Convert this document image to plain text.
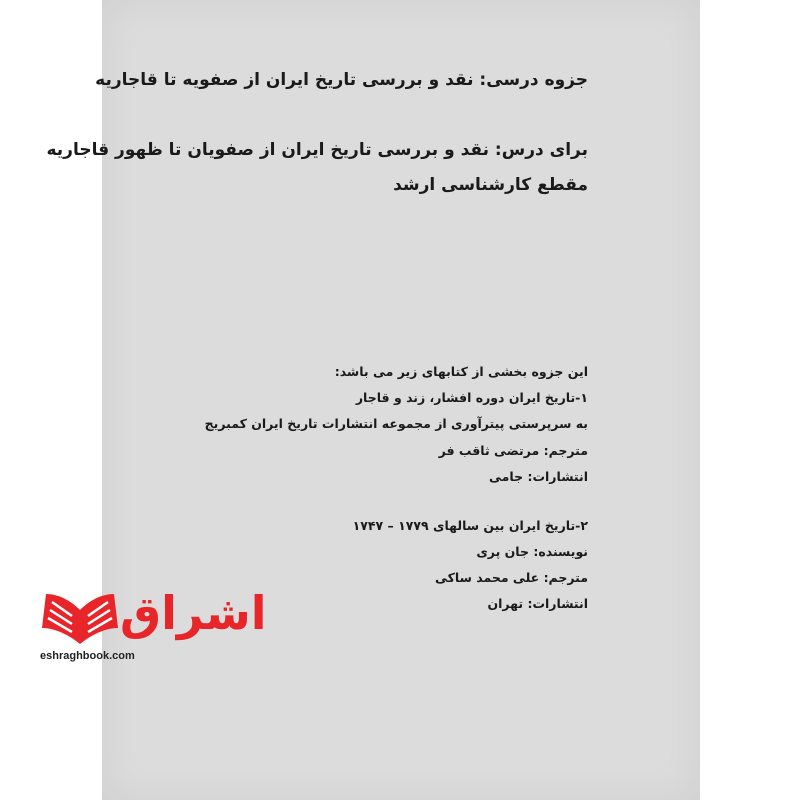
جزوه درسی: نقد و بررسی تاریخ ایران از صفویه تا قاجاریه

برای درس: نقد و بررسی تاریخ ایران از صفویان تا ظهور قاجاریه

مقطع کارشناسی ارشد

این جزوه بخشی از کتابهای زیر می باشد:

۱-تاریخ ایران دوره افشار، زند و قاجار

به سرپرستی پیترآوری از مجموعه انتشارات تاریخ ایران کمبریج

مترجم: مرتضی ثاقب فر

انتشارات: جامی

۲-تاریخ ایران بین سالهای ۱۷۷۹ – ۱۷۴۷

نویسنده: جان پری

مترجم: علی محمد ساکی

انتشارات: تهران

اشراق
eshraghbook.com
